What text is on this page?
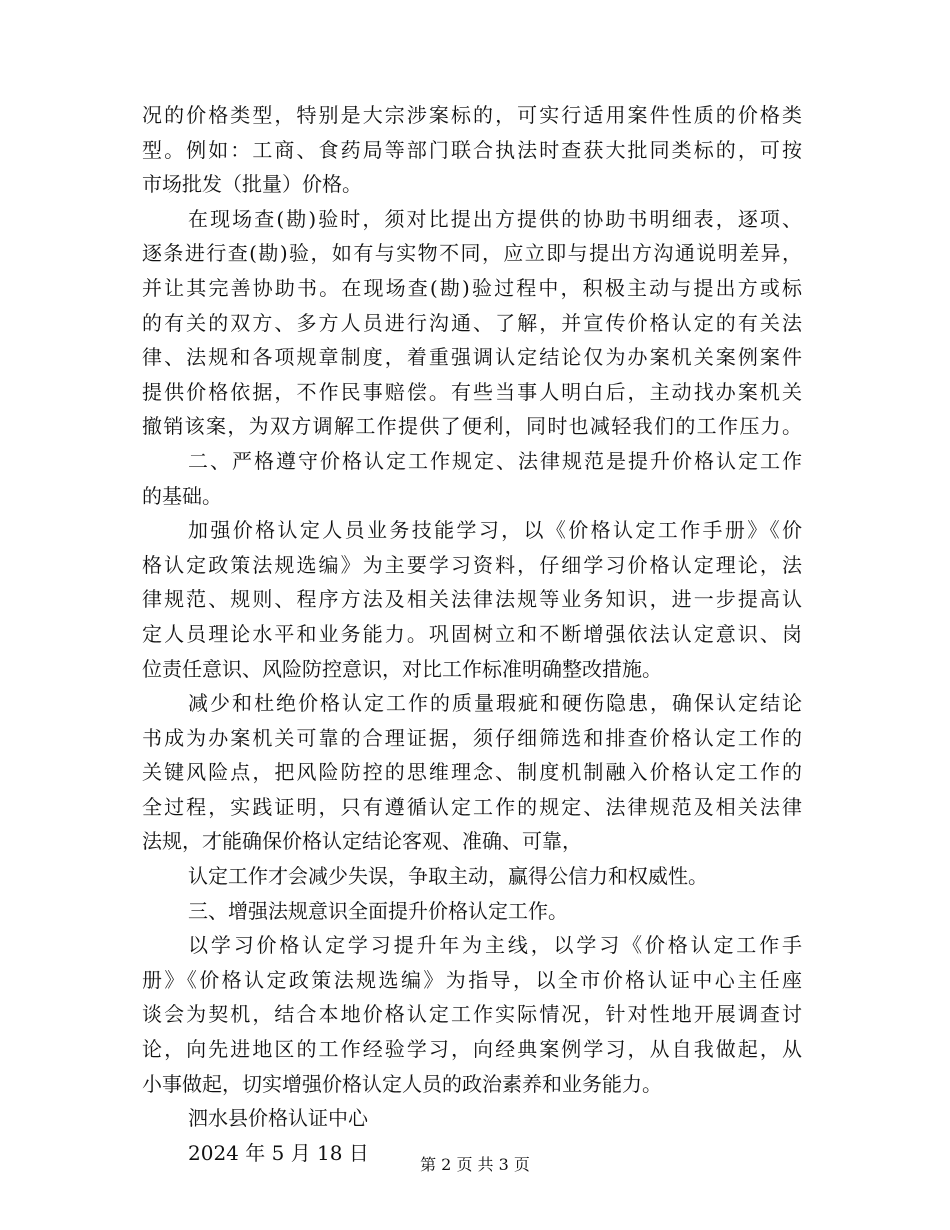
况的价格类型，特别是大宗涉案标的，可实行适用案件性质的价格类
型。例如：工商、食药局等部门联合执法时查获大批同类标的，可按
市场批发（批量）价格。
在现场查(勘)验时，须对比提出方提供的协助书明细表，逐项、
逐条进行查(勘)验，如有与实物不同，应立即与提出方沟通说明差异，
并让其完善协助书。在现场查(勘)验过程中，积极主动与提出方或标
的有关的双方、多方人员进行沟通、了解，并宣传价格认定的有关法
律、法规和各项规章制度，着重强调认定结论仅为办案机关案例案件
提供价格依据，不作民事赔偿。有些当事人明白后，主动找办案机关
撤销该案，为双方调解工作提供了便利，同时也减轻我们的工作压力。
二、严格遵守价格认定工作规定、法律规范是提升价格认定工作
的基础。
加强价格认定人员业务技能学习，以《价格认定工作手册》《价
格认定政策法规选编》为主要学习资料，仔细学习价格认定理论，法
律规范、规则、程序方法及相关法律法规等业务知识，进一步提高认
定人员理论水平和业务能力。巩固树立和不断增强依法认定意识、岗
位责任意识、风险防控意识，对比工作标准明确整改措施。
减少和杜绝价格认定工作的质量瑕疵和硬伤隐患，确保认定结论
书成为办案机关可靠的合理证据，须仔细筛选和排查价格认定工作的
关键风险点，把风险防控的思维理念、制度机制融入价格认定工作的
全过程，实践证明，只有遵循认定工作的规定、法律规范及相关法律
法规，才能确保价格认定结论客观、准确、可靠，
认定工作才会减少失误，争取主动，赢得公信力和权威性。
三、增强法规意识全面提升价格认定工作。
以学习价格认定学习提升年为主线，以学习《价格认定工作手
册》《价格认定政策法规选编》为指导，以全市价格认证中心主任座
谈会为契机，结合本地价格认定工作实际情况，针对性地开展调查讨
论，向先进地区的工作经验学习，向经典案例学习，从自我做起，从
小事做起，切实增强价格认定人员的政治素养和业务能力。
泗水县价格认证中心
2024 年 5 月 18 日	第 2 页 共 3 页
